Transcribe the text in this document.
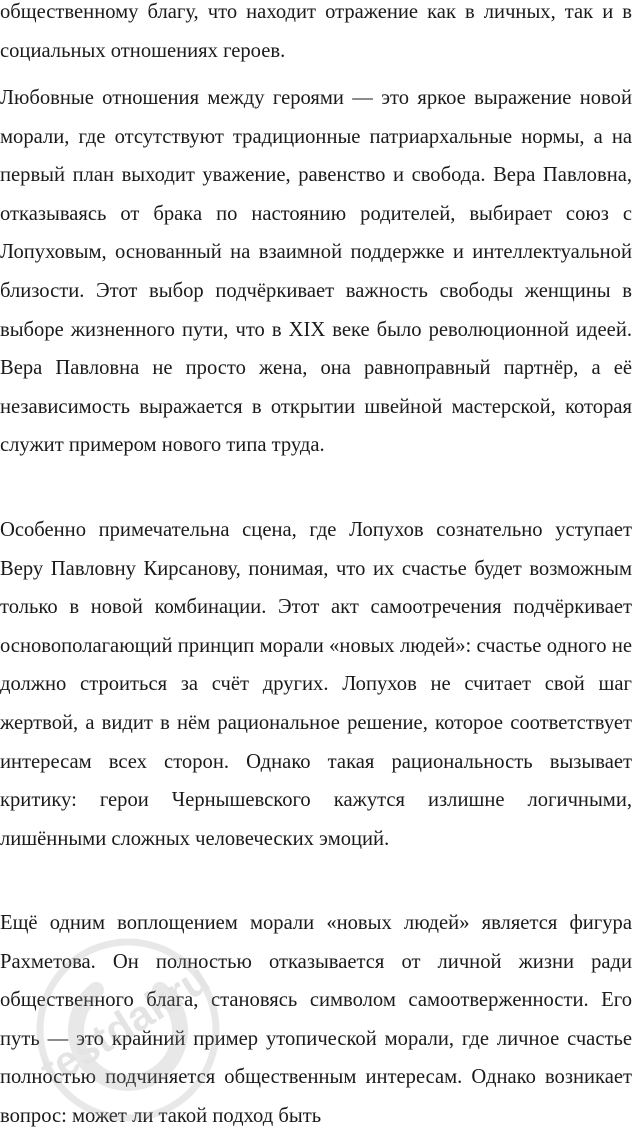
общественному благу, что находит отражение как в личных, так и в социальных отношениях героев.

Любовные отношения между героями — это яркое выражение новой морали, где отсутствуют традиционные патриархальные нормы, а на первый план выходит уважение, равенство и свобода. Вера Павловна, отказываясь от брака по настоянию родителей, выбирает союз с Лопуховым, основанный на взаимной поддержке и интеллектуальной близости. Этот выбор подчёркивает важность свободы женщины в выборе жизненного пути, что в XIX веке было революционной идеей. Вера Павловна не просто жена, она равноправный партнёр, а её независимость выражается в открытии швейной мастерской, которая служит примером нового типа труда.

Особенно примечательна сцена, где Лопухов сознательно уступает Веру Павловну Кирсанову, понимая, что их счастье будет возможным только в новой комбинации. Этот акт самоотречения подчёркивает основополагающий принцип морали «новых людей»: счастье одного не должно строиться за счёт других. Лопухов не считает свой шаг жертвой, а видит в нём рациональное решение, которое соответствует интересам всех сторон. Однако такая рациональность вызывает критику: герои Чернышевского кажутся излишне логичными, лишёнными сложных человеческих эмоций.

Ещё одним воплощением морали «новых людей» является фигура Рахметова. Он полностью отказывается от личной жизни ради общественного блага, становясь символом самоотверженности. Его путь — это крайний пример утопической морали, где личное счастье полностью подчиняется общественным интересам. Однако возникает вопрос: может ли такой подход быть

testdakru
